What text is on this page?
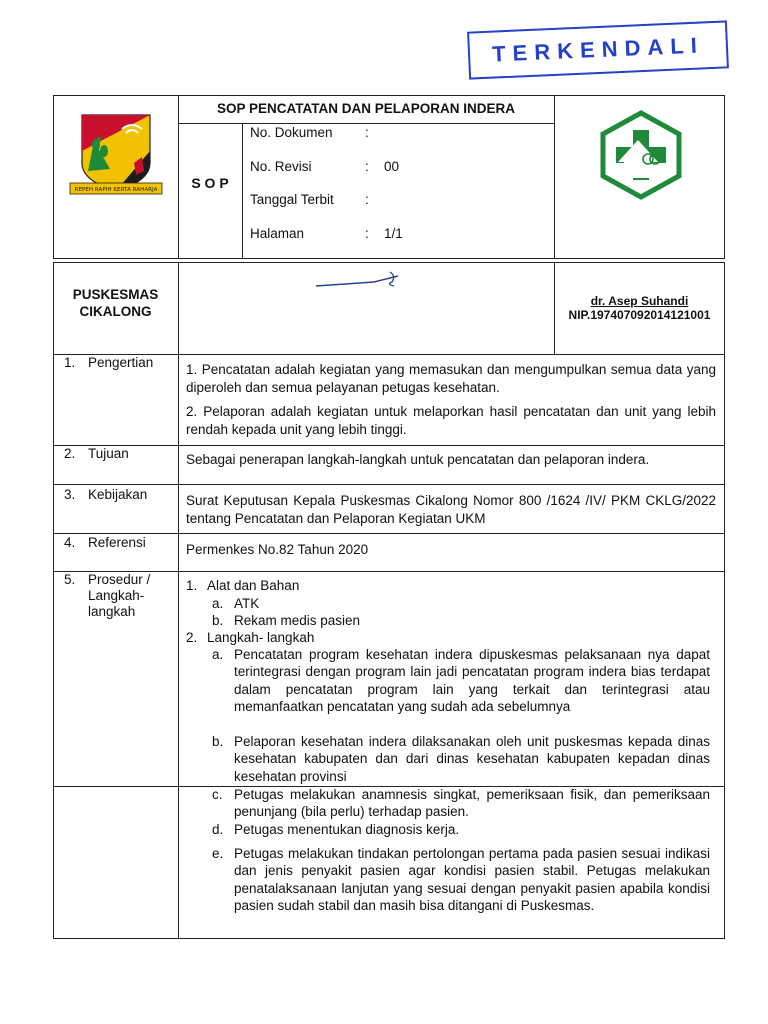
TERKENDALI
REPEH RAPIH KERTA RAHARJA
SOP PENCATATAN DAN PELAPORAN INDERA
S O P
No. Dokumen :
No. Revisi	: 00
Tanggal Terbit :
Halaman	: 1/1
PUSKESMAS
CIKALONG
dr. Asep Suhandi
NIP.197407092014121001
1. Pengertian
2. Tujuan
3. Kebijakan
4. Referensi
5. Prosedur /
Langkah-
langkah
1. Pencatatan adalah kegiatan yang memasukan dan mengumpulkan semua data yang diperoleh dan semua pelayanan petugas kesehatan.
2. Pelaporan adalah kegiatan untuk melaporkan hasil pencatatan dan unit yang lebih rendah kepada unit yang lebih tinggi.
Sebagai penerapan langkah-langkah untuk pencatatan dan pelaporan indera.
Surat Keputusan Kepala Puskesmas Cikalong Nomor 800 /1624 /IV/ PKM CKLG/2022 tentang Pencatatan dan Pelaporan Kegiatan UKM
Permenkes No.82 Tahun 2020
1. Alat dan Bahan
a. ATK
b. Rekam medis pasien
2. Langkah- langkah
a. Pencatatan program kesehatan indera dipuskesmas pelaksanaan nya dapat terintegrasi dengan program lain jadi pencatatan program indera bias terdapat dalam pencatatan program lain yang terkait dan terintegrasi atau memanfaatkan pencatatan yang sudah ada sebelumnya
b. Pelaporan kesehatan indera dilaksanakan oleh unit puskesmas kepada dinas kesehatan kabupaten dan dari dinas kesehatan kabupaten kepadan dinas kesehatan provinsi
c. Petugas melakukan anamnesis singkat, pemeriksaan fisik, dan pemeriksaan penunjang (bila perlu) terhadap pasien.
d. Petugas menentukan diagnosis kerja.
e. Petugas melakukan tindakan pertolongan pertama pada pasien sesuai indikasi dan jenis penyakit pasien agar kondisi pasien stabil. Petugas melakukan penatalaksanaan lanjutan yang sesuai dengan penyakit pasien apabila kondisi pasien sudah stabil dan masih bisa ditangani di Puskesmas.
